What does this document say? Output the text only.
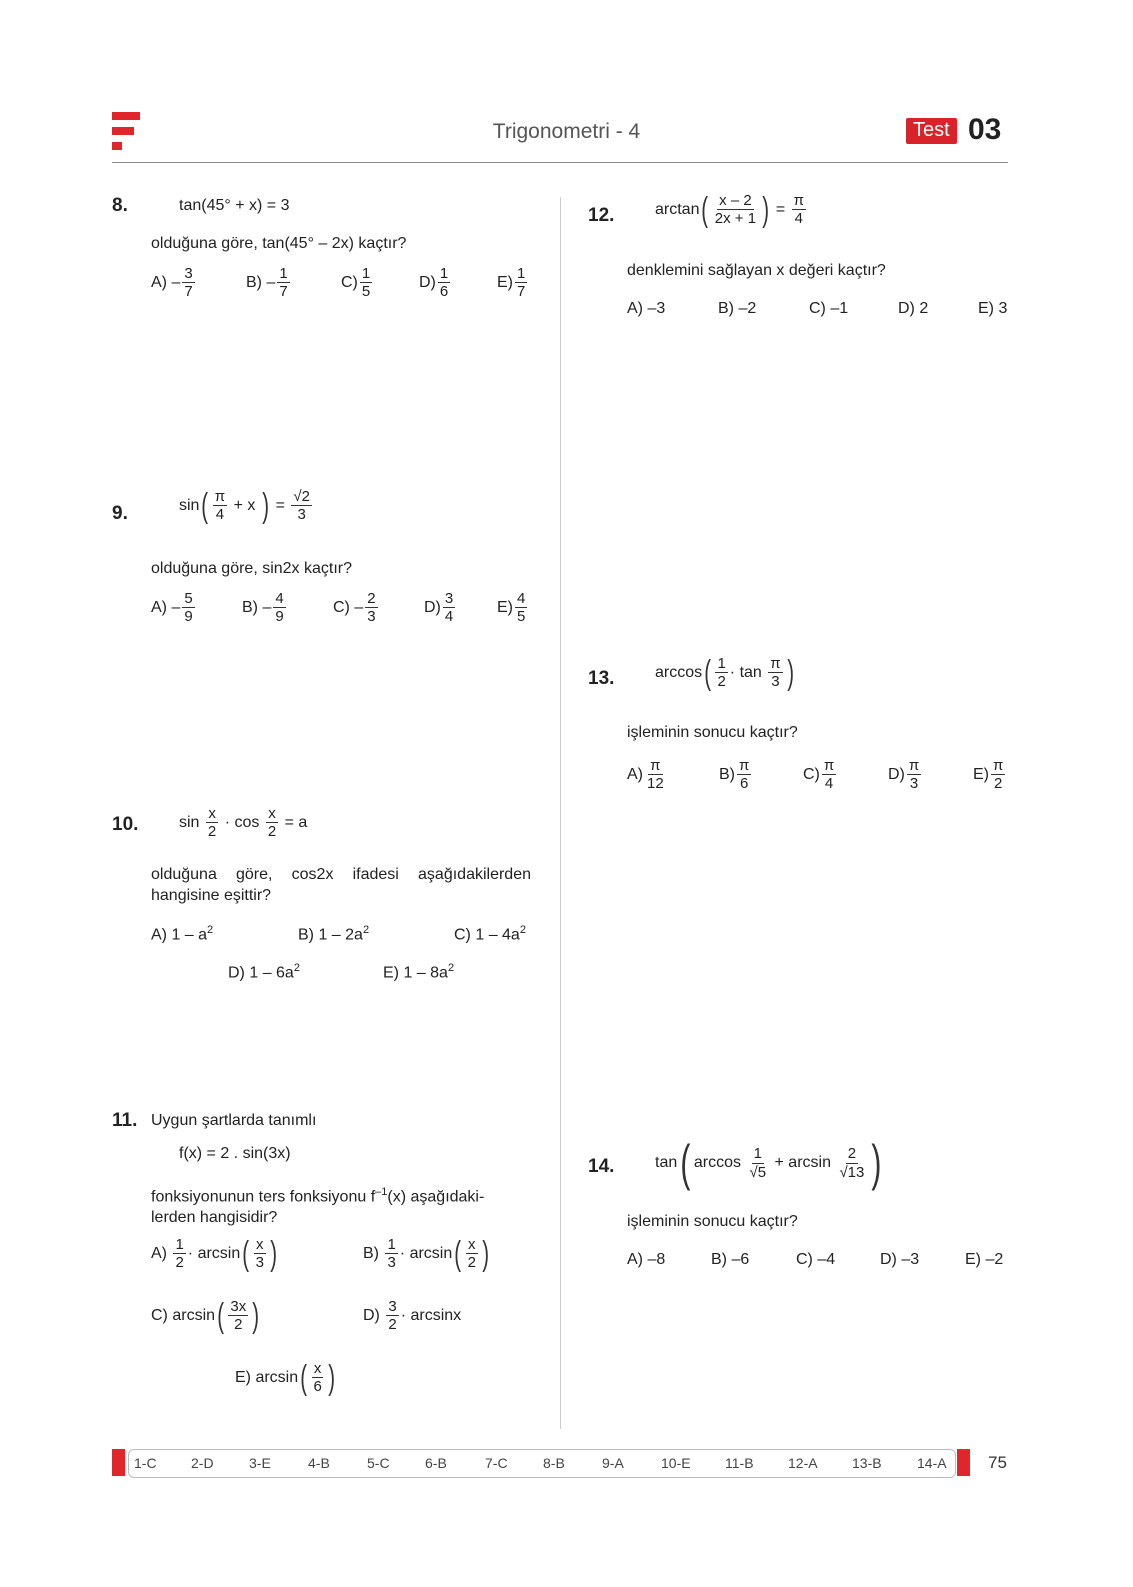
Trigonometri - 4	Test 03
8.	tan(45° + x) = 3
olduğuna göre, tan(45° – 2x) kaçtır?
$A) - \frac{3}{7}$	$B) - \frac{1}{7}$	$C) \frac{1}{5}$	$D) \frac{1}{6}$	$E) \frac{1}{7}$
9.	$\sin( \frac{\pi}{4} + x$ ) = $\frac{√2}{3}$
olduğuna göre, sin2x kaçtır?
$A) - \frac{5}{9}$	$B) - \frac{4}{9}$	$C) - \frac{2}{3}$	$D) \frac{3}{4}$	$E) \frac{4}{5}$
10.	$\sin \frac{x}{2} \cdot \cos \frac{x}{2} = a$
olduğuna göre, cos2x ifadesi aşağıdakilerden hangisine eşittir?
A) $1 - a^2$	B) $1 - 2a^2$	C) $1 - 4a^2$
D) $1 - 6a^2$	E) $1 - 8a^2$
11. Uygun şartlarda tanımlı
f(x) = 2 . sin(3x)
fonksiyonunun ters fonksiyonu $f^{-1}(x)$ aşağıdaki-
lerden hangisidir?
$A) \frac{1}{2} \cdot \arcsin( \frac{x}{3}$ )	$B) \frac{1}{3} \cdot \arcsin( \frac{x}{2}$ )
C) $\arcsin( \frac{3x}{2}$ )	$D) \frac{3}{2} \cdot \arcsin x$
E) $\arcsin( \frac{x}{6}$ )
12.	$\arctan( \frac{x - 2}{2x + 1}$ ) = $\frac{\pi}{4}$
denklemini sağlayan x değeri kaçtır?
A) –3	B) –2	C) –1	D) 2	E) 3
13.	$\arccos( \frac{1}{2} \cdot \tan \frac{\pi}{3}$ )
işleminin sonucu kaçtır?
$A) \frac{\pi}{12}$	$B) \frac{\pi}{6}$	$C) \frac{\pi}{4}$	$D) \frac{\pi}{3}$	$E) \frac{\pi}{2}$
14.	tan( $\arccos \frac{1}{√5} + \arcsin \frac{2}{√13}$ )
işleminin sonucu kaçtır?
A) –8	B) –6	C) –4	D) –3	E) –2
1-C 2-D	3-E	4-B	5-C	6-B	7-C	8-B	9-A	10-E 11-B 12-A 13-B	14-A 75
